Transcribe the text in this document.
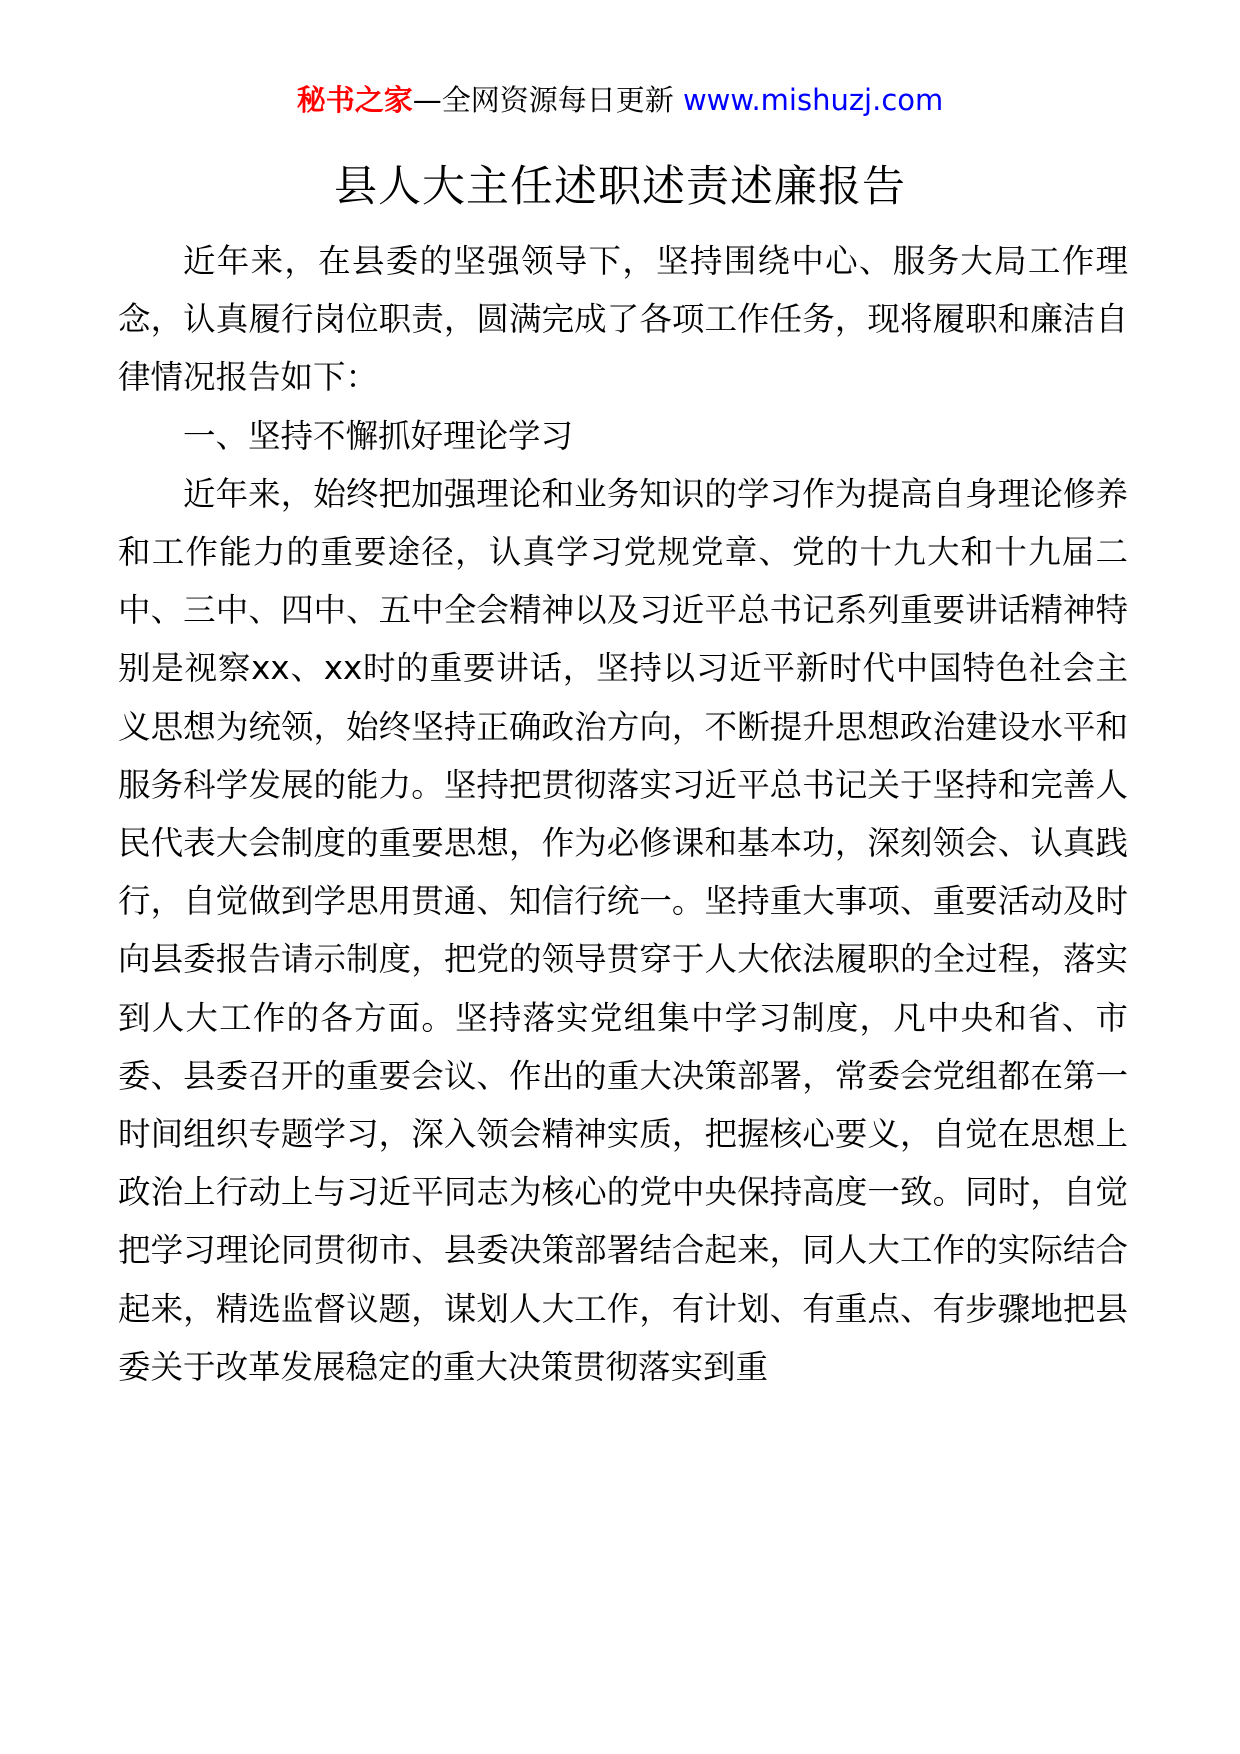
秘书之家—全网资源每日更新 www.mishuzj.com
县人大主任述职述责述廉报告

近年来，在县委的坚强领导下，坚持围绕中心、服务大局工作理念，认真履行岗位职责，圆满完成了各项工作任务，现将履职和廉洁自律情况报告如下：

一、坚持不懈抓好理论学习

近年来，始终把加强理论和业务知识的学习作为提高自身理论修养和工作能力的重要途径，认真学习党规党章、党的十九大和十九届二中、三中、四中、五中全会精神以及习近平总书记系列重要讲话精神特别是视察xx、xx时的重要讲话，坚持以习近平新时代中国特色社会主义思想为统领，始终坚持正确政治方向，不断提升思想政治建设水平和服务科学发展的能力。坚持把贯彻落实习近平总书记关于坚持和完善人民代表大会制度的重要思想，作为必修课和基本功，深刻领会、认真践行，自觉做到学思用贯通、知信行统一。坚持重大事项、重要活动及时向县委报告请示制度，把党的领导贯穿于人大依法履职的全过程，落实到人大工作的各方面。坚持落实党组集中学习制度，凡中央和省、市委、县委召开的重要会议、作出的重大决策部署，常委会党组都在第一时间组织专题学习，深入领会精神实质，把握核心要义，自觉在思想上政治上行动上与习近平同志为核心的党中央保持高度一致。同时，自觉把学习理论同贯彻市、县委决策部署结合起来，同人大工作的实际结合起来，精选监督议题，谋划人大工作，有计划、有重点、有步骤地把县委关于改革发展稳定的重大决策贯彻落实到重
